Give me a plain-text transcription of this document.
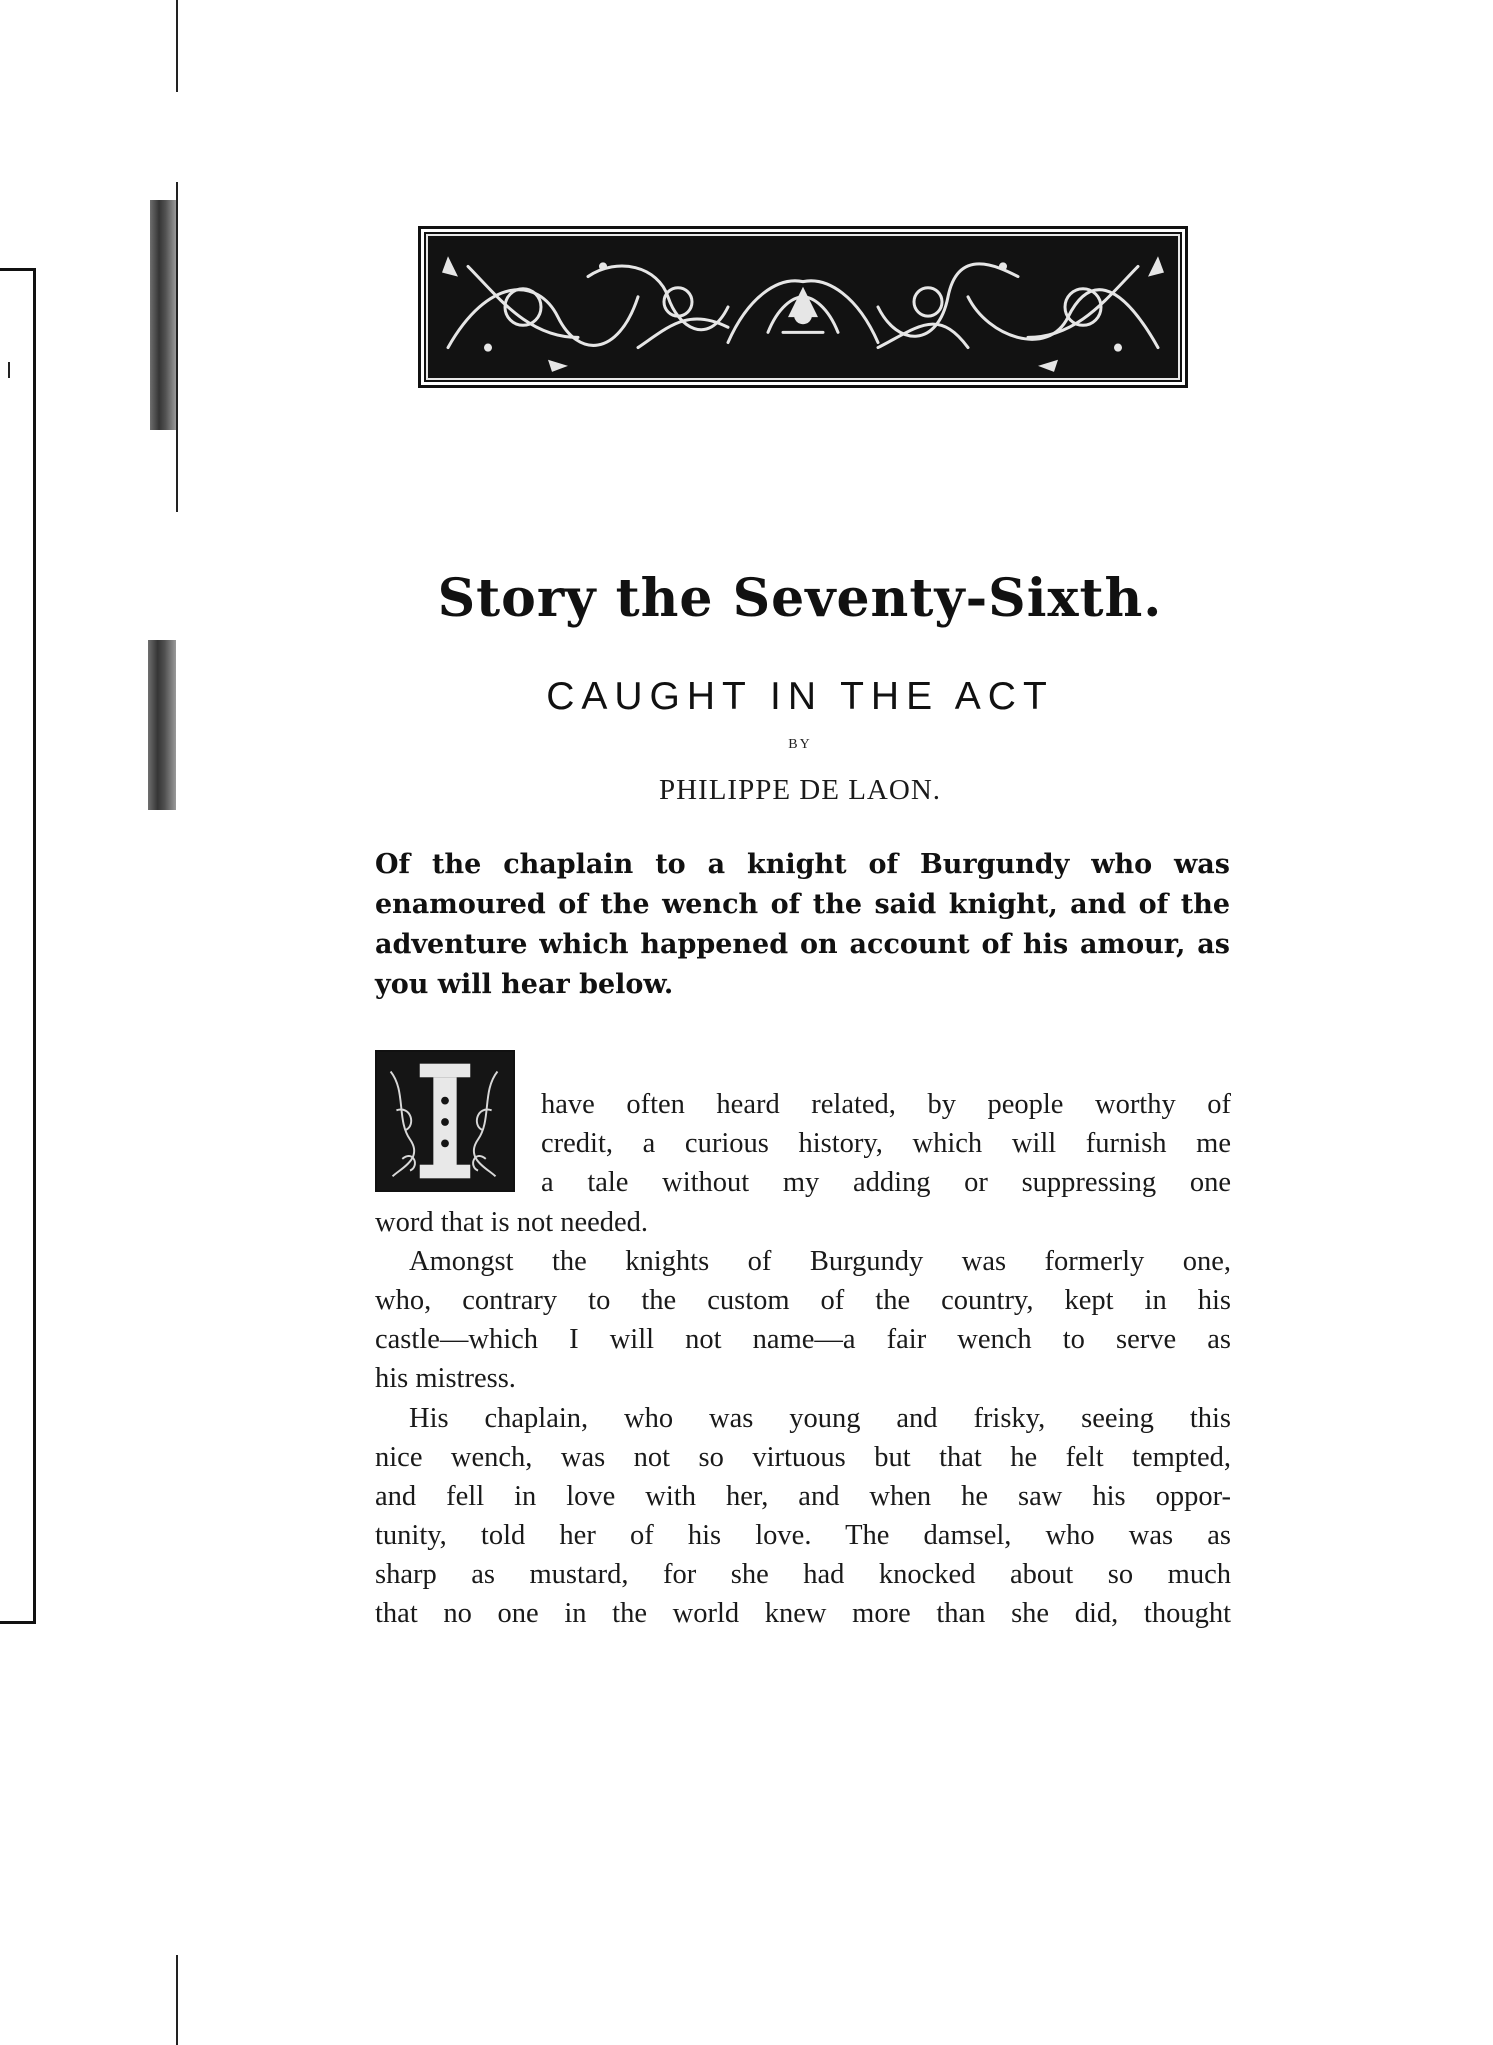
Story the Seventy-Sixth.
CAUGHT IN THE ACT
BY
PHILIPPE DE LAON.

Of the chaplain to a knight of Burgundy who was enamoured of the wench of the said knight, and of the adventure which happened on account of his amour, as you will hear below.

I
have often heard related, by people worthy of
credit, a curious history, which will furnish me
a tale without my adding or suppressing one
word that is not needed.
Amongst the knights of Burgundy was formerly one,
who, contrary to the custom of the country, kept in his
castle—which I will not name—a fair wench to serve as
his mistress.
His chaplain, who was young and frisky, seeing this
nice wench, was not so virtuous but that he felt tempted,
and fell in love with her, and when he saw his oppor-
tunity, told her of his love. The damsel, who was as
sharp as mustard, for she had knocked about so much
that no one in the world knew more than she did, thought
